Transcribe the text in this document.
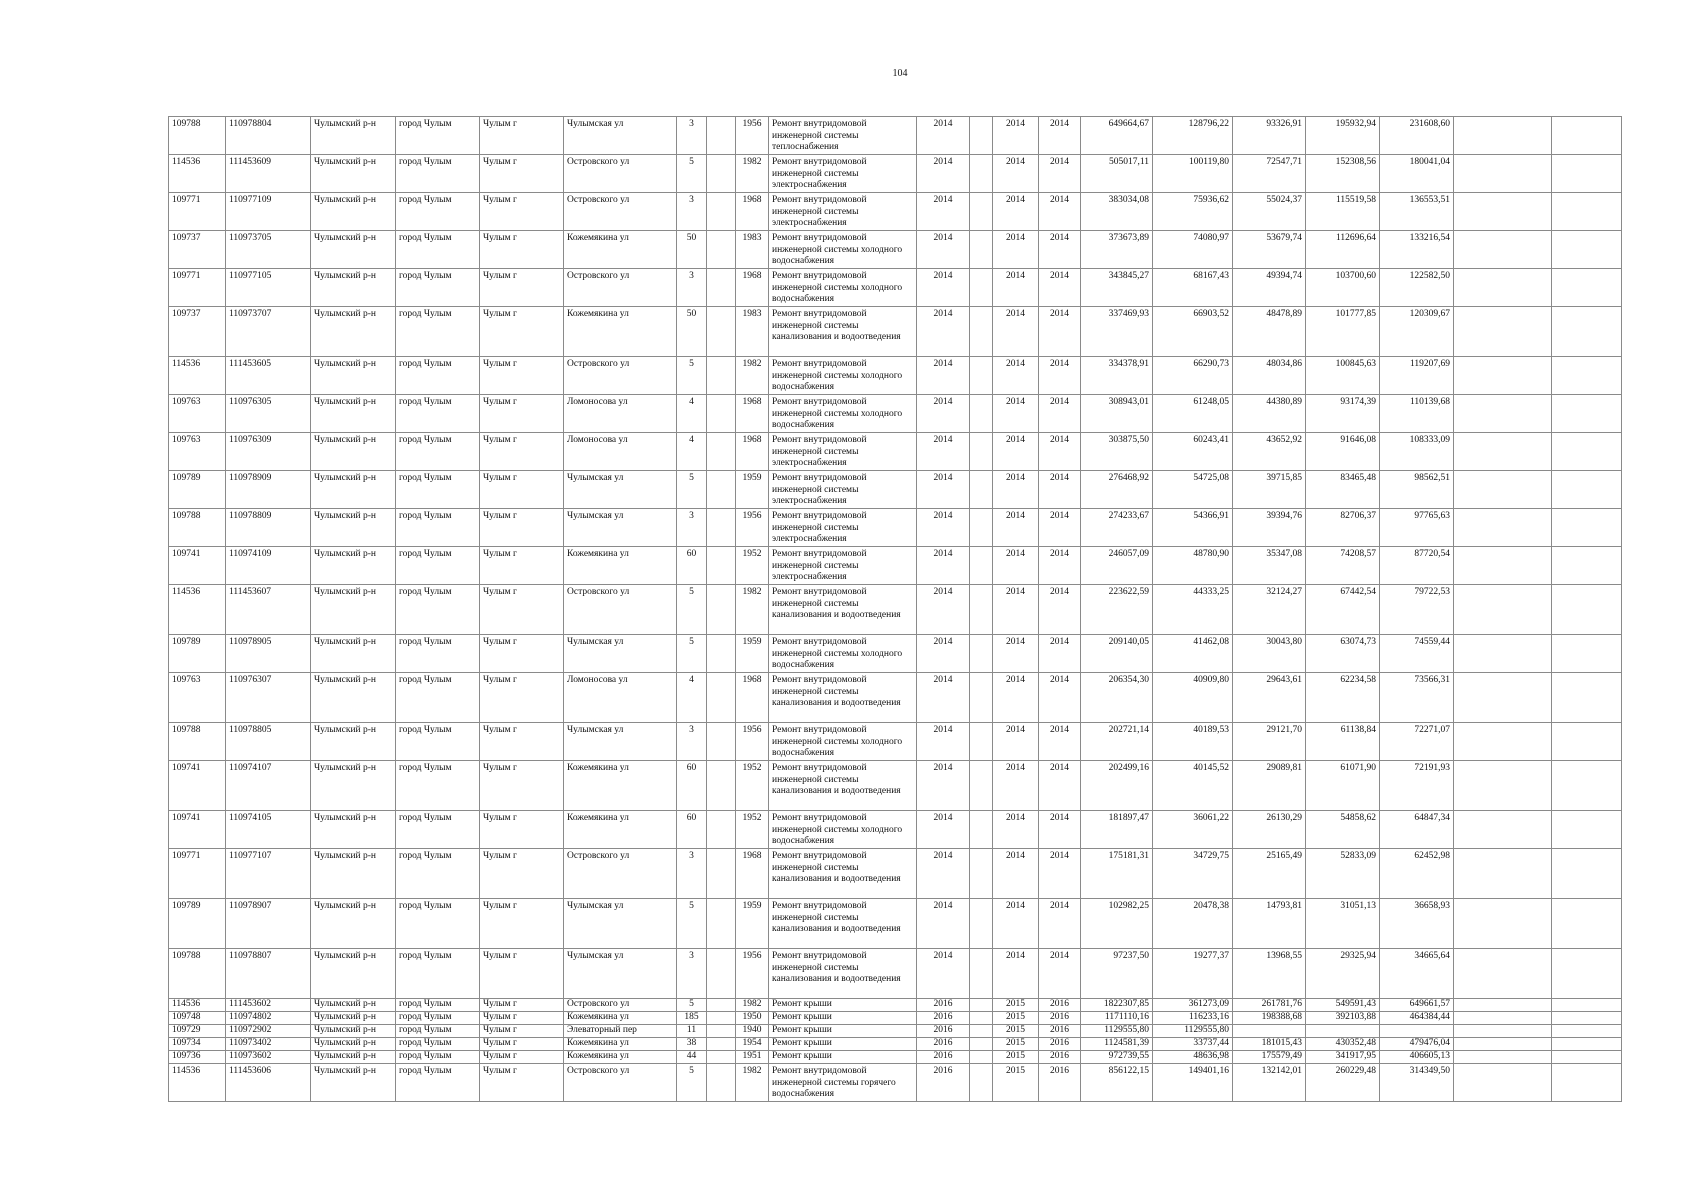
104
109788	110978804	Чулымский р-н	город Чулым	Чулым г	Чулымская ул	3		1956	Ремонт внутридомовой инженерной системы теплоснабжения	2014		2014	2014	649664,67	128796,22	93326,91	195932,94	231608,60		
114536	111453609	Чулымский р-н	город Чулым	Чулым г	Островского ул	5		1982	Ремонт внутридомовой инженерной системы электроснабжения	2014		2014	2014	505017,11	100119,80	72547,71	152308,56	180041,04		
109771	110977109	Чулымский р-н	город Чулым	Чулым г	Островского ул	3		1968	Ремонт внутридомовой инженерной системы электроснабжения	2014		2014	2014	383034,08	75936,62	55024,37	115519,58	136553,51		
109737	110973705	Чулымский р-н	город Чулым	Чулым г	Кожемякина ул	50		1983	Ремонт внутридомовой инженерной системы холодного водоснабжения	2014		2014	2014	373673,89	74080,97	53679,74	112696,64	133216,54		
109771	110977105	Чулымский р-н	город Чулым	Чулым г	Островского ул	3		1968	Ремонт внутридомовой инженерной системы холодного водоснабжения	2014		2014	2014	343845,27	68167,43	49394,74	103700,60	122582,50		
109737	110973707	Чулымский р-н	город Чулым	Чулым г	Кожемякина ул	50		1983	Ремонт внутридомовой инженерной системы канализования и водоотведения	2014		2014	2014	337469,93	66903,52	48478,89	101777,85	120309,67		
114536	111453605	Чулымский р-н	город Чулым	Чулым г	Островского ул	5		1982	Ремонт внутридомовой инженерной системы холодного водоснабжения	2014		2014	2014	334378,91	66290,73	48034,86	100845,63	119207,69		
109763	110976305	Чулымский р-н	город Чулым	Чулым г	Ломоносова ул	4		1968	Ремонт внутридомовой инженерной системы холодного водоснабжения	2014		2014	2014	308943,01	61248,05	44380,89	93174,39	110139,68		
109763	110976309	Чулымский р-н	город Чулым	Чулым г	Ломоносова ул	4		1968	Ремонт внутридомовой инженерной системы электроснабжения	2014		2014	2014	303875,50	60243,41	43652,92	91646,08	108333,09		
109789	110978909	Чулымский р-н	город Чулым	Чулым г	Чулымская ул	5		1959	Ремонт внутридомовой инженерной системы электроснабжения	2014		2014	2014	276468,92	54725,08	39715,85	83465,48	98562,51		
109788	110978809	Чулымский р-н	город Чулым	Чулым г	Чулымская ул	3		1956	Ремонт внутридомовой инженерной системы электроснабжения	2014		2014	2014	274233,67	54366,91	39394,76	82706,37	97765,63		
109741	110974109	Чулымский р-н	город Чулым	Чулым г	Кожемякина ул	60		1952	Ремонт внутридомовой инженерной системы электроснабжения	2014		2014	2014	246057,09	48780,90	35347,08	74208,57	87720,54		
114536	111453607	Чулымский р-н	город Чулым	Чулым г	Островского ул	5		1982	Ремонт внутридомовой инженерной системы канализования и водоотведения	2014		2014	2014	223622,59	44333,25	32124,27	67442,54	79722,53		
109789	110978905	Чулымский р-н	город Чулым	Чулым г	Чулымская ул	5		1959	Ремонт внутридомовой инженерной системы холодного водоснабжения	2014		2014	2014	209140,05	41462,08	30043,80	63074,73	74559,44		
109763	110976307	Чулымский р-н	город Чулым	Чулым г	Ломоносова ул	4		1968	Ремонт внутридомовой инженерной системы канализования и водоотведения	2014		2014	2014	206354,30	40909,80	29643,61	62234,58	73566,31		
109788	110978805	Чулымский р-н	город Чулым	Чулым г	Чулымская ул	3		1956	Ремонт внутридомовой инженерной системы холодного водоснабжения	2014		2014	2014	202721,14	40189,53	29121,70	61138,84	72271,07		
109741	110974107	Чулымский р-н	город Чулым	Чулым г	Кожемякина ул	60		1952	Ремонт внутридомовой инженерной системы канализования и водоотведения	2014		2014	2014	202499,16	40145,52	29089,81	61071,90	72191,93		
109741	110974105	Чулымский р-н	город Чулым	Чулым г	Кожемякина ул	60		1952	Ремонт внутридомовой инженерной системы холодного водоснабжения	2014		2014	2014	181897,47	36061,22	26130,29	54858,62	64847,34		
109771	110977107	Чулымский р-н	город Чулым	Чулым г	Островского ул	3		1968	Ремонт внутридомовой инженерной системы канализования и водоотведения	2014		2014	2014	175181,31	34729,75	25165,49	52833,09	62452,98		
109789	110978907	Чулымский р-н	город Чулым	Чулым г	Чулымская ул	5		1959	Ремонт внутридомовой инженерной системы канализования и водоотведения	2014		2014	2014	102982,25	20478,38	14793,81	31051,13	36658,93		
109788	110978807	Чулымский р-н	город Чулым	Чулым г	Чулымская ул	3		1956	Ремонт внутридомовой инженерной системы канализования и водоотведения	2014		2014	2014	97237,50	19277,37	13968,55	29325,94	34665,64		
114536	111453602	Чулымский р-н	город Чулым	Чулым г	Островского ул	5		1982	Ремонт крыши	2016		2015	2016	1822307,85	361273,09	261781,76	549591,43	649661,57		
109748	110974802	Чулымский р-н	город Чулым	Чулым г	Кожемякина ул	185		1950	Ремонт крыши	2016		2015	2016	1171110,16	116233,16	198388,68	392103,88	464384,44		
109729	110972902	Чулымский р-н	город Чулым	Чулым г	Элеваторный пер	11		1940	Ремонт крыши	2016		2015	2016	1129555,80	1129555,80					
109734	110973402	Чулымский р-н	город Чулым	Чулым г	Кожемякина ул	38		1954	Ремонт крыши	2016		2015	2016	1124581,39	33737,44	181015,43	430352,48	479476,04		
109736	110973602	Чулымский р-н	город Чулым	Чулым г	Кожемякина ул	44		1951	Ремонт крыши	2016		2015	2016	972739,55	48636,98	175579,49	341917,95	406605,13		
114536	111453606	Чулымский р-н	город Чулым	Чулым г	Островского ул	5		1982	Ремонт внутридомовой инженерной системы горячего водоснабжения	2016		2015	2016	856122,15	149401,16	132142,01	260229,48	314349,50		
